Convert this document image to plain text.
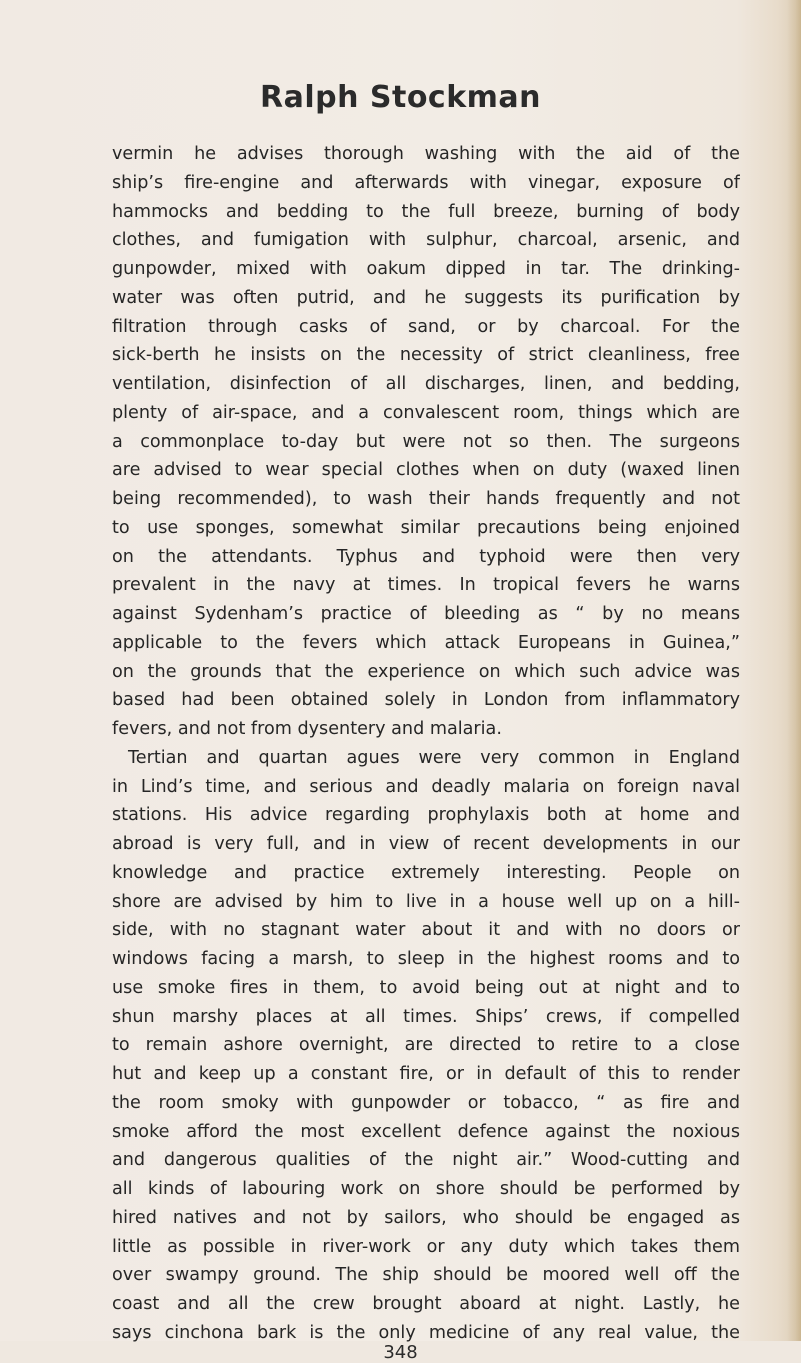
Ralph Stockman
vermin he advises thorough washing with the aid of the
ship’s fire-engine and afterwards with vinegar, exposure of
hammocks and bedding to the full breeze, burning of body
clothes, and fumigation with sulphur, charcoal, arsenic, and
gunpowder, mixed with oakum dipped in tar. The drinking-
water was often putrid, and he suggests its purification by
filtration through casks of sand, or by charcoal. For the
sick-berth he insists on the necessity of strict cleanliness, free
ventilation, disinfection of all discharges, linen, and bedding,
plenty of air-space, and a convalescent room, things which are
a commonplace to-day but were not so then. The surgeons
are advised to wear special clothes when on duty (waxed linen
being recommended), to wash their hands frequently and not
to use sponges, somewhat similar precautions being enjoined
on the attendants. Typhus and typhoid were then very
prevalent in the navy at times. In tropical fevers he warns
against Sydenham’s practice of bleeding as “ by no means
applicable to the fevers which attack Europeans in Guinea,”
on the grounds that the experience on which such advice was
based had been obtained solely in London from inflammatory
fevers, and not from dysentery and malaria.
Tertian and quartan agues were very common in England
in Lind’s time, and serious and deadly malaria on foreign naval
stations. His advice regarding prophylaxis both at home and
abroad is very full, and in view of recent developments in our
knowledge and practice extremely interesting. People on
shore are advised by him to live in a house well up on a hill-
side, with no stagnant water about it and with no doors or
windows facing a marsh, to sleep in the highest rooms and to
use smoke fires in them, to avoid being out at night and to
shun marshy places at all times. Ships’ crews, if compelled
to remain ashore overnight, are directed to retire to a close
hut and keep up a constant fire, or in default of this to render
the room smoky with gunpowder or tobacco, “ as fire and
smoke afford the most excellent defence against the noxious
and dangerous qualities of the night air.” Wood-cutting and
all kinds of labouring work on shore should be performed by
hired natives and not by sailors, who should be engaged as
little as possible in river-work or any duty which takes them
over swampy ground. The ship should be moored well off the
coast and all the crew brought aboard at night. Lastly, he
says cinchona bark is the only medicine of any real value, the
348
